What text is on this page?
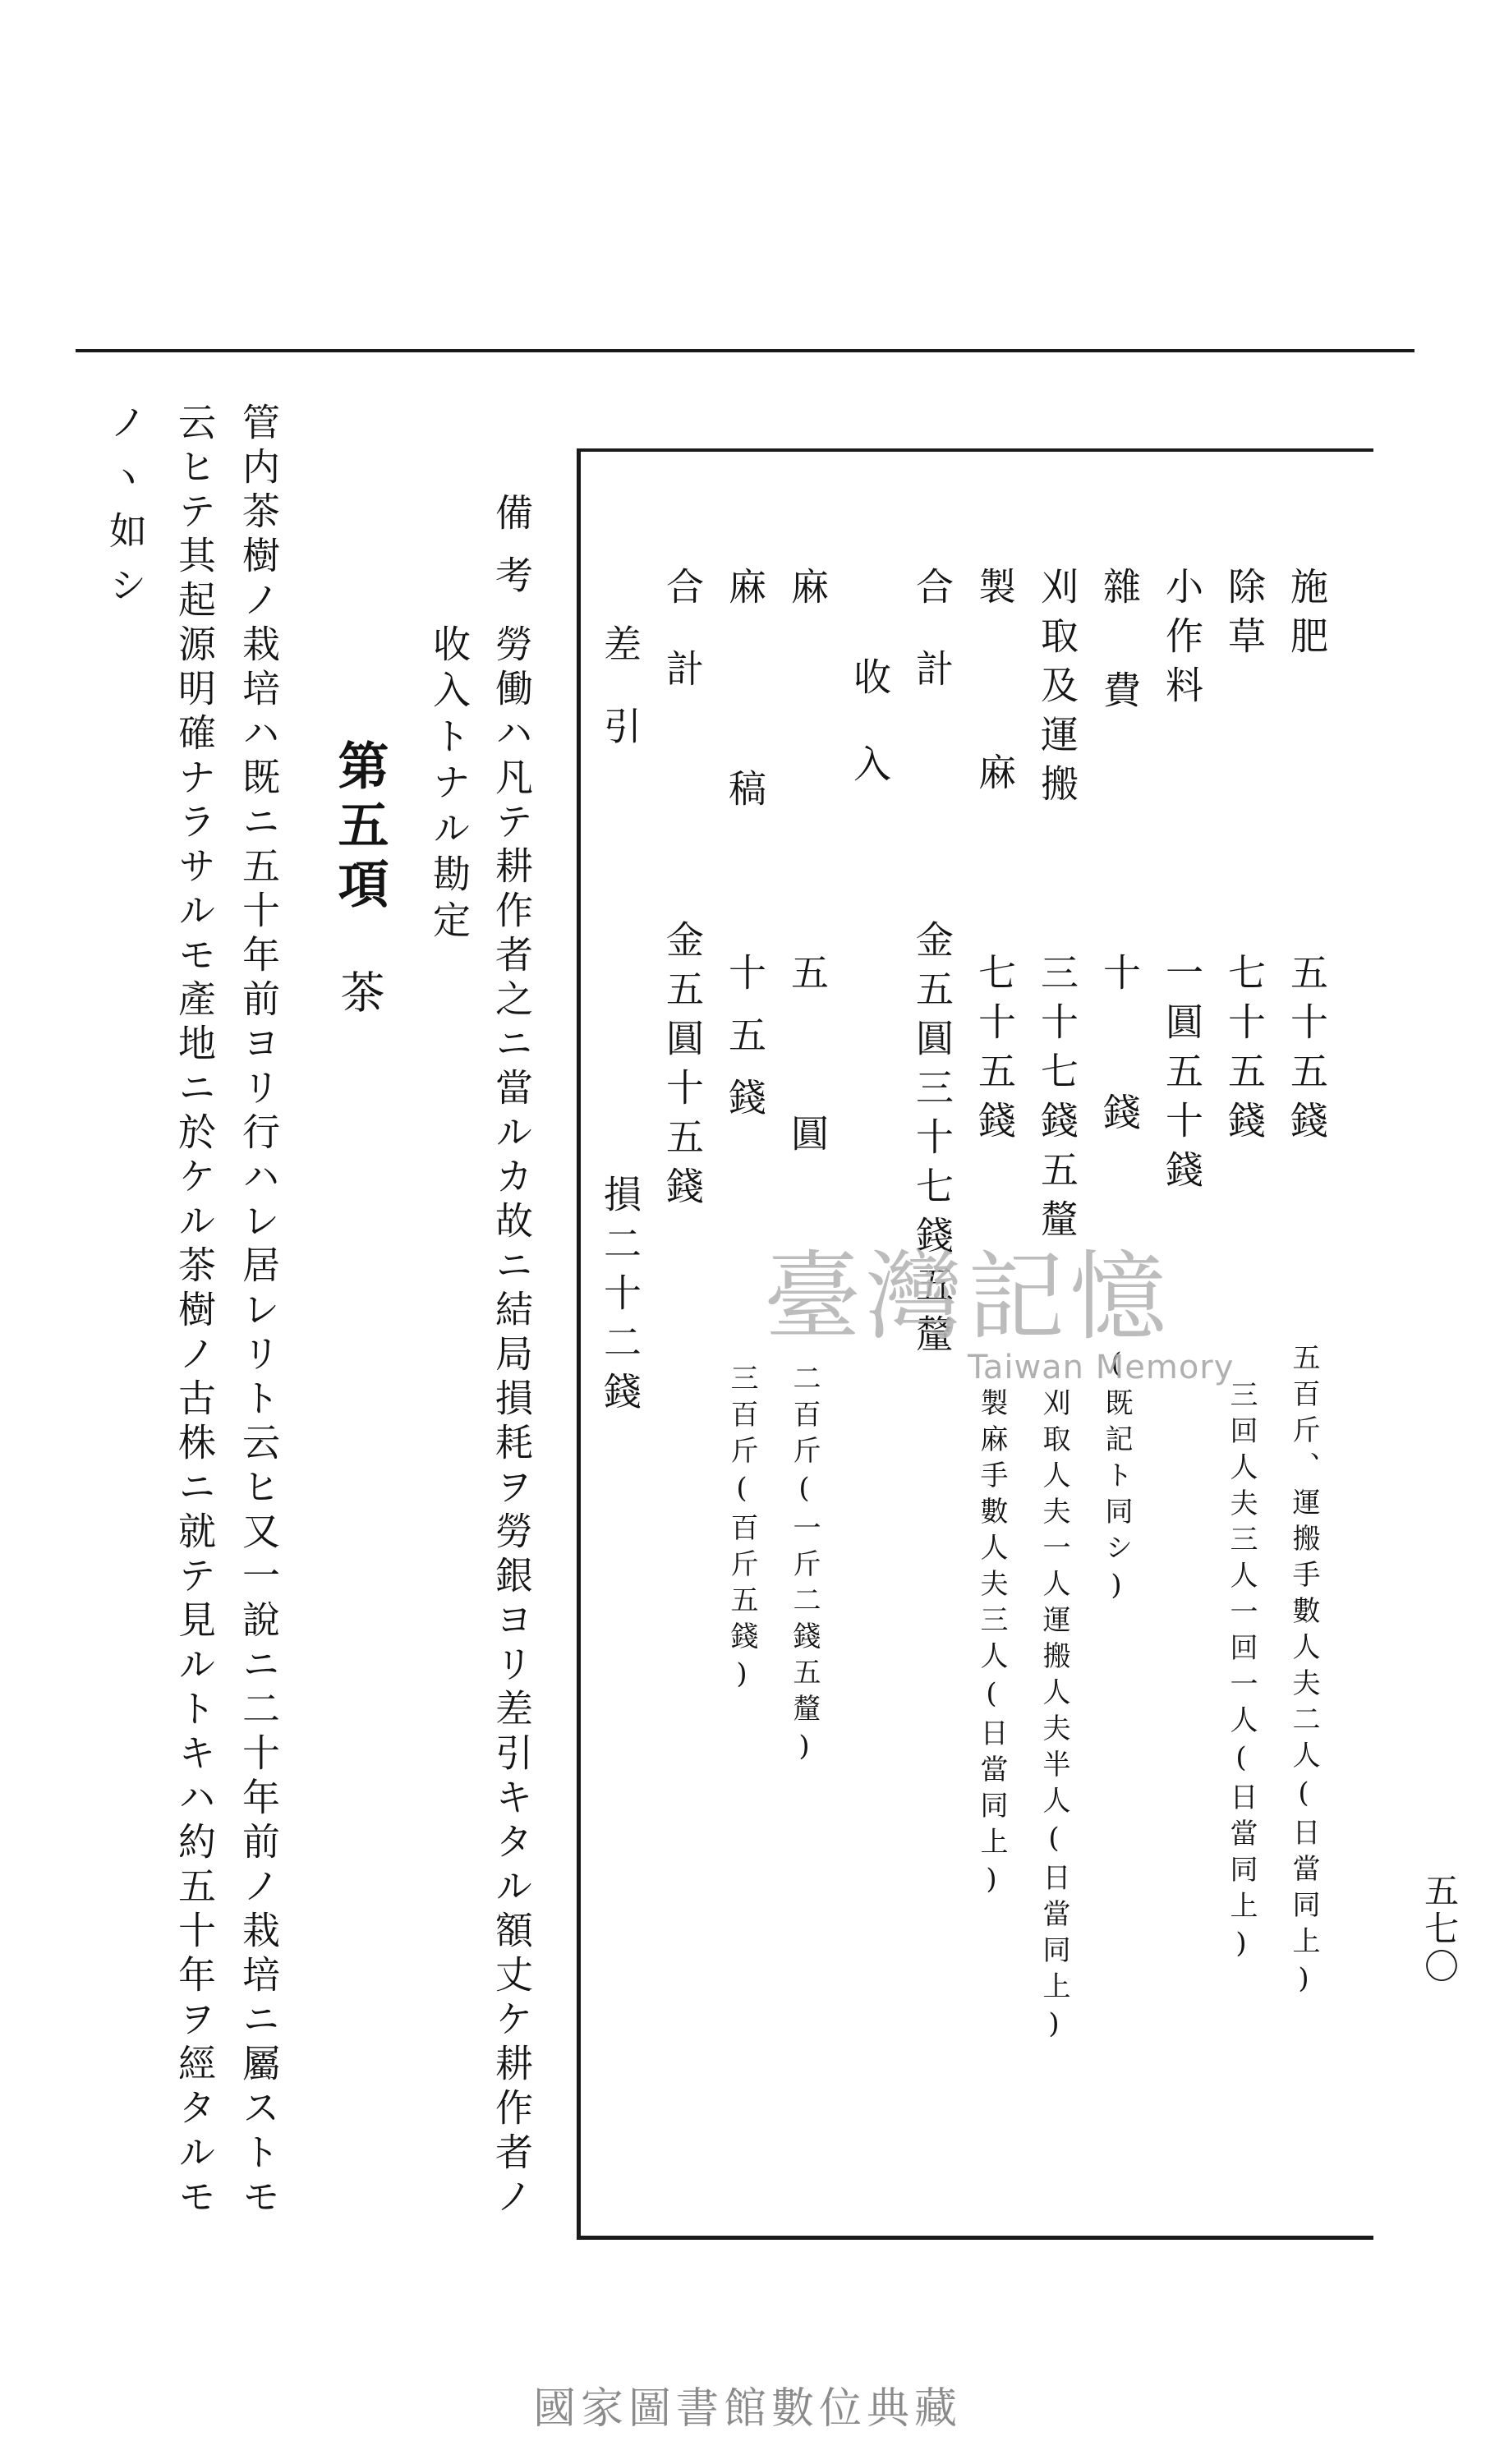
五七〇
施肥
五十五錢
五百斤、運搬手數人夫二人(日當同上)
除草
七十五錢
三回人夫三人一回一人(日當同上)
小作料
一圓五十錢
雜費
十錢
(既記ト同シ)
刈取及運搬
三十七錢五釐
刈取人夫一人運搬人夫半人(日當同上)
製麻
七十五錢
製麻手數人夫三人(日當同上)
合計
金五圓三十七錢五釐
收入
麻
五圓
二百斤(一斤二錢五釐)
麻稿
十五錢
三百斤(百斤五錢)
合計
金五圓十五錢
差引
損二十二錢
備考
勞働ハ凡テ耕作者之ニ當ルカ故ニ結局損耗ヲ勞銀ヨリ差引キタル額丈ケ耕作者ノ
收入トナル勘定
第五項
茶
管内茶樹ノ栽培ハ既ニ五十年前ヨリ行ハレ居レリト云ヒ又一說ニ二十年前ノ栽培ニ屬ストモ
云ヒテ其起源明確ナラサルモ產地ニ於ケル茶樹ノ古株ニ就テ見ルトキハ約五十年ヲ經タルモ
ノヽ如シ
臺灣記憶
Taiwan Memory
國家圖書館數位典藏
